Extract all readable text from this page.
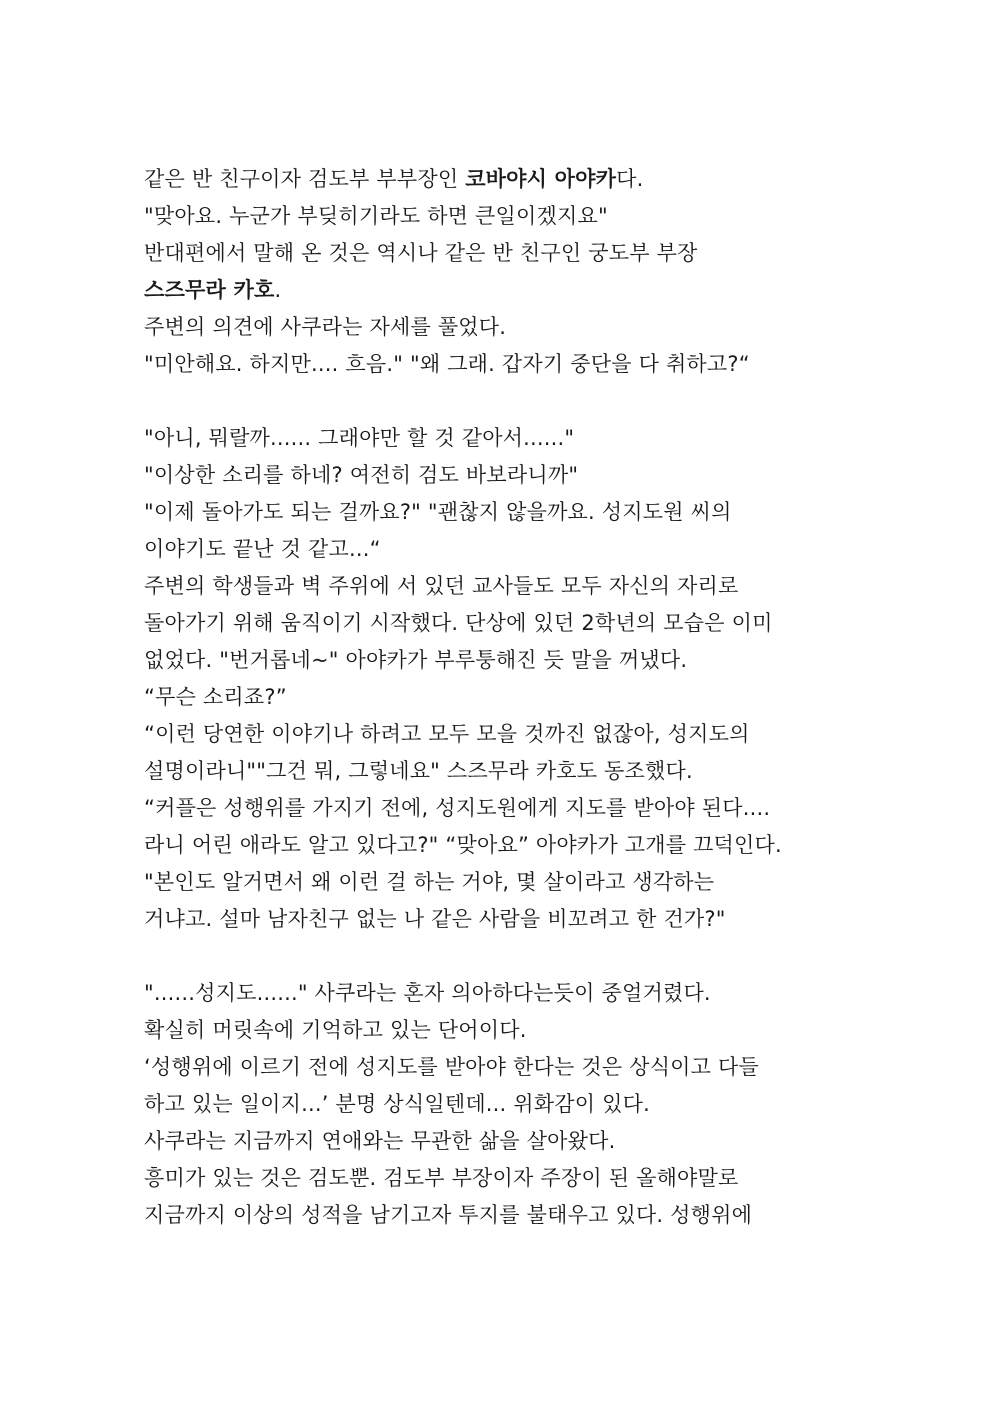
같은 반 친구이자 검도부 부부장인 코바야시 아야카다.
"맞아요. 누군가 부딪히기라도 하면 큰일이겠지요"
반대편에서 말해 온 것은 역시나 같은 반 친구인 궁도부 부장
스즈무라 카호.
주변의 의견에 사쿠라는 자세를 풀었다.
"미안해요. 하지만.... 흐음." "왜 그래. 갑자기 중단을 다 취하고?“
"아니, 뭐랄까...... 그래야만 할 것 같아서......"
"이상한 소리를 하네? 여전히 검도 바보라니까"
"이제 돌아가도 되는 걸까요?" "괜찮지 않을까요. 성지도원 씨의
이야기도 끝난 것 같고...“
주변의 학생들과 벽 주위에 서 있던 교사들도 모두 자신의 자리로
돌아가기 위해 움직이기 시작했다. 단상에 있던 2학년의 모습은 이미
없었다. "번거롭네~" 아야카가 부루퉁해진 듯 말을 꺼냈다.
“무슨 소리죠?”
“이런 당연한 이야기나 하려고 모두 모을 것까진 없잖아, 성지도의
설명이라니""그건 뭐, 그렇네요" 스즈무라 카호도 동조했다.
“커플은 성행위를 가지기 전에, 성지도원에게 지도를 받아야 된다....
라니 어린 애라도 알고 있다고?" “맞아요” 아야카가 고개를 끄덕인다.
"본인도 알거면서 왜 이런 걸 하는 거야, 몇 살이라고 생각하는
거냐고. 설마 남자친구 없는 나 같은 사람을 비꼬려고 한 건가?"
"......성지도......" 사쿠라는 혼자 의아하다는듯이 중얼거렸다.
확실히 머릿속에 기억하고 있는 단어이다.
‘성행위에 이르기 전에 성지도를 받아야 한다는 것은 상식이고 다들
하고 있는 일이지...’ 분명 상식일텐데... 위화감이 있다.
사쿠라는 지금까지 연애와는 무관한 삶을 살아왔다.
흥미가 있는 것은 검도뿐. 검도부 부장이자 주장이 된 올해야말로
지금까지 이상의 성적을 남기고자 투지를 불태우고 있다. 성행위에
